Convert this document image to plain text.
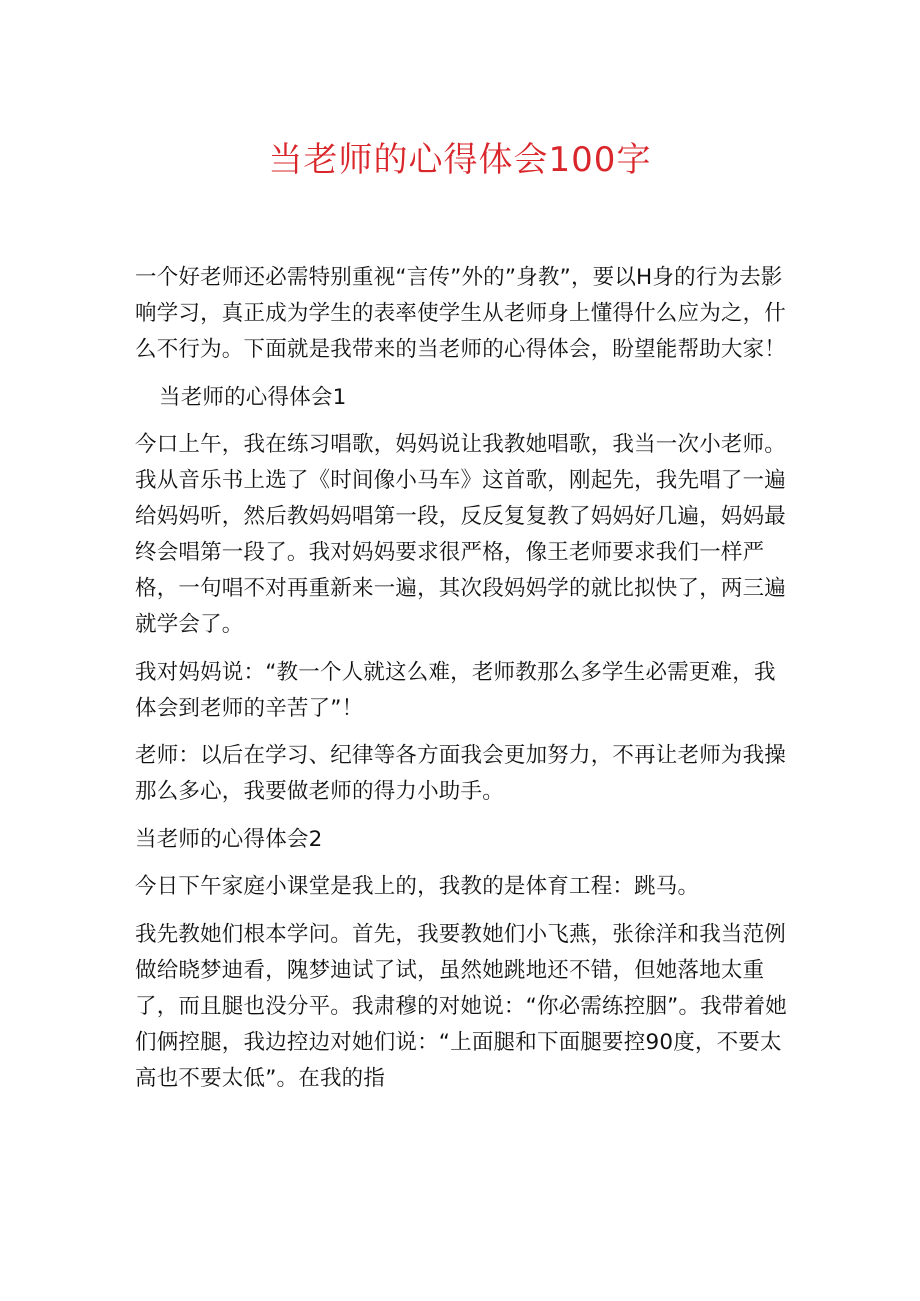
当老师的心得体会100字

一个好老师还必需特别重视“言传”外的”身教”，要以H身的行为去影响学习，真正成为学生的表率使学生从老师身上懂得什么应为之，什么不行为。下面就是我带来的当老师的心得体会，盼望能帮助大家！

当老师的心得体会1

今口上午，我在练习唱歌，妈妈说让我教她唱歌，我当一次小老师。我从音乐书上选了《时间像小马车》这首歌，刚起先，我先唱了一遍给妈妈听，然后教妈妈唱第一段，反反复复教了妈妈好几遍，妈妈最终会唱第一段了。我对妈妈要求很严格，像王老师要求我们一样严格，一句唱不对再重新来一遍，其次段妈妈学的就比拟快了，两三遍就学会了。

我对妈妈说：“教一个人就这么难，老师教那么多学生必需更难，我体会到老师的辛苦了”！

老师：以后在学习、纪律等各方面我会更加努力，不再让老师为我操那么多心，我要做老师的得力小助手。

当老师的心得体会2

今日下午家庭小课堂是我上的，我教的是体育工程：跳马。

我先教她们根本学问。首先，我要教她们小飞燕，张徐洋和我当范例做给晓梦迪看，隗梦迪试了试，虽然她跳地还不错，但她落地太重了，而且腿也没分平。我肃穆的对她说：“你必需练控胭”。我带着她们俩控腿，我边控边对她们说：“上面腿和下面腿要控90度，不要太高也不要太低”。在我的指
